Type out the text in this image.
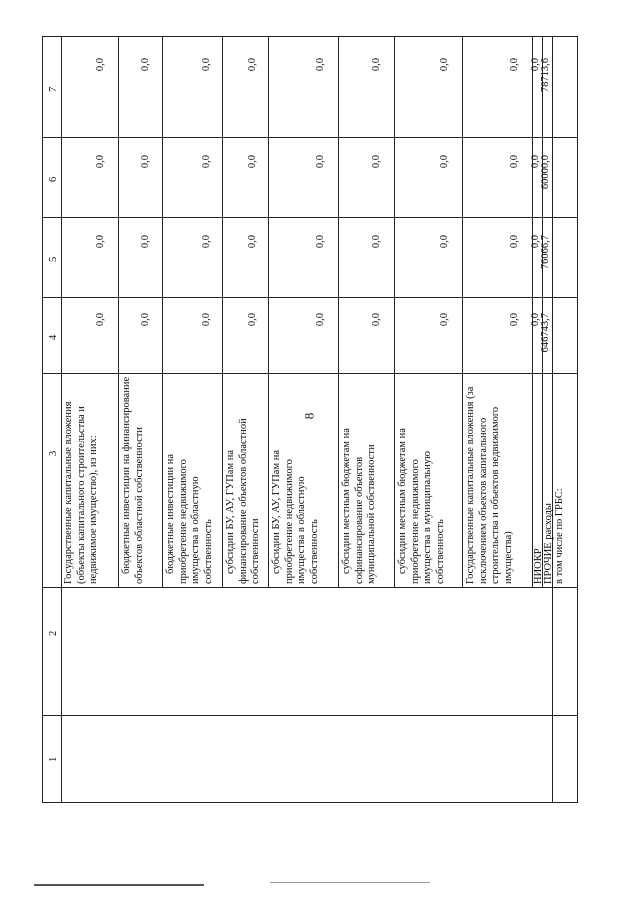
8
1
2
3
4
5
6
7
Государственные капитальные вложения (объекты капитального строительства и недвижимое имущество), из них: бюджетные инвестиции на финансирование объектов областной собственности бюджетные инвестиции на приобретение недвижимого имущества в областную собственность субсидии БУ, АУ, ГУПам на финансирование объектов областной собственности субсидии БУ, АУ, ГУПам на приобретение недвижимого имущества в областную собственность субсидии местным бюджетам на софинансирование объектов муниципальной собственности субсидии местным бюджетам на приобретение недвижимого имущества в муниципальную собственность Государственные капитальные вложения (за исключением объектов капитального строительства и объектов недвижимого имущества) НИОКР ПРОЧИЕ расходы в том числе по ГРБС:
0,0
0,0
0,0
0,0
0,0
0,0
0,0
0,0
0,0
0,0
0,0
0,0
0,0
0,0
0,0
0,0
0,0
0,0
0,0
0,0
0,0
0,0
0,0
0,0
0,0
0,0
0,0
0,0
0,0
0,0
0,0
0,0
0,0
0,0
0,0
0,0
646743,7
76066,7
60000,0
78713,6
